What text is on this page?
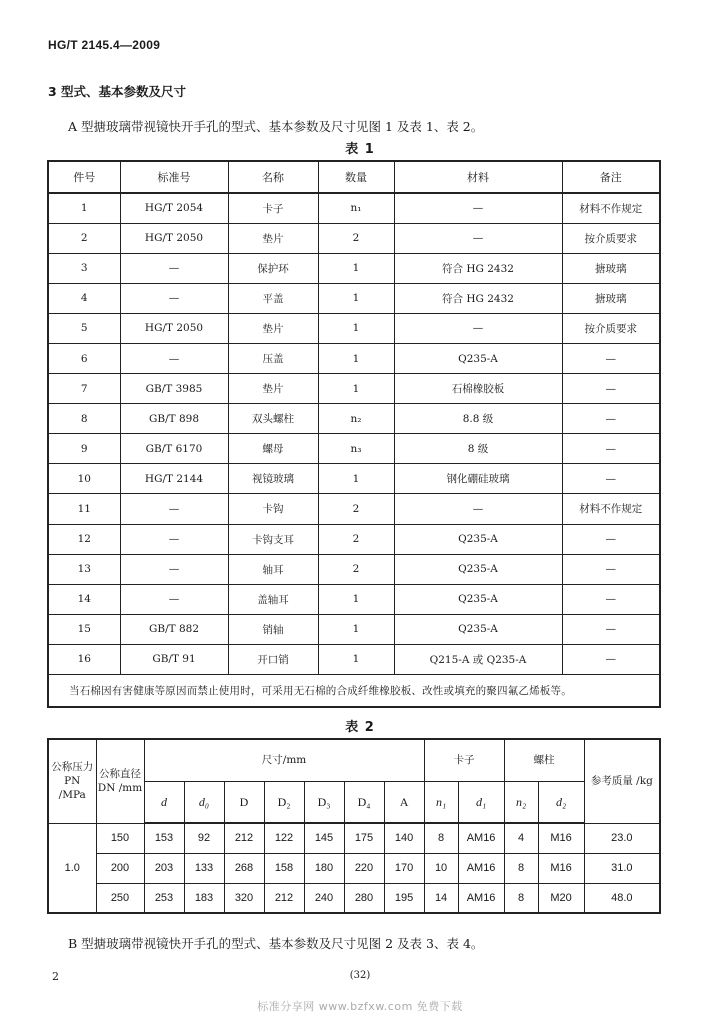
HG/T 2145.4—2009
3 型式、基本参数及尺寸
A 型搪玻璃带视镜快开手孔的型式、基本参数及尺寸见图 1 及表 1、表 2。
表 1
件号	标准号	名称	数量	材料	备注
1	HG/T 2054	卡子	n₁	—	材料不作规定
2	HG/T 2050	垫片	2	—	按介质要求
3	—	保护环	1	符合 HG 2432	搪玻璃
4	—	平盖	1	符合 HG 2432	搪玻璃
5	HG/T 2050	垫片	1	—	按介质要求
6	—	压盖	1	Q235-A	—
7	GB/T 3985	垫片	1	石棉橡胶板	—
8	GB/T 898	双头螺柱	n₂	8.8 级	—
9	GB/T 6170	螺母	n₃	8 级	—
10	HG/T 2144	视镜玻璃	1	钢化硼硅玻璃	—
11	—	卡钩	2	—	材料不作规定
12	—	卡钩支耳	2	Q235-A	—
13	—	轴耳	2	Q235-A	—
14	—	盖轴耳	1	Q235-A	—
15	GB/T 882	销轴	1	Q235-A	—
16	GB/T 91	开口销	1	Q215-A 或 Q235-A	—
当石棉因有害健康等原因而禁止使用时，可采用无石棉的合成纤维橡胶板、改性或填充的聚四氟乙烯板等。					
表 2
公称压力 PN /MPa	公称直径 DN /mm	尺寸/mm							卡子		螺柱		参考质量 /kg
		d	d₀	D	D₂	D₃	D₄	A	n₁	d₁	n₂	d₂	
1.0	150	153	92	212	122	145	175	140	8	AM16	4	M16	23.0
	200	203	133	268	158	180	220	170	10	AM16	8	M16	31.0
	250	253	183	320	212	240	280	195	14	AM16	8	M20	48.0
B 型搪玻璃带视镜快开手孔的型式、基本参数及尺寸见图 2 及表 3、表 4。
2	(32)
标准分享网 www.bzfxw.com 免费下载
